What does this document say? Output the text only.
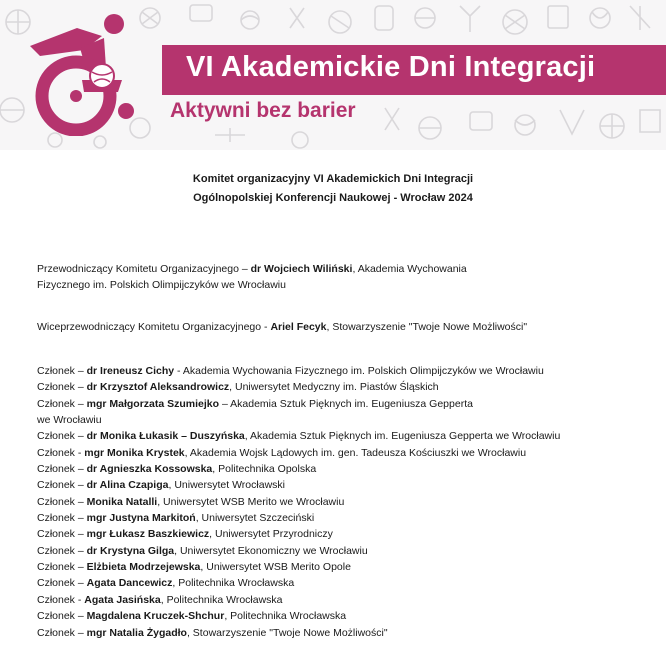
VI Akademickie Dni Integracji
Aktywni bez barier
Komitet organizacyjny VI Akademickich Dni Integracji
Ogólnopolskiej Konferencji Naukowej - Wrocław 2024
Przewodniczący Komitetu Organizacyjnego – dr Wojciech Wiliński, Akademia Wychowania
Fizycznego im. Polskich Olimpijczyków we Wrocławiu
Wiceprzewodniczący Komitetu Organizacyjnego - Ariel Fecyk, Stowarzyszenie "Twoje Nowe Możliwości"
Członek – dr Ireneusz Cichy - Akademia Wychowania Fizycznego im. Polskich Olimpijczyków we Wrocławiu
Członek – dr Krzysztof Aleksandrowicz, Uniwersytet Medyczny im. Piastów Śląskich
Członek – mgr Małgorzata Szumiejko – Akademia Sztuk Pięknych im. Eugeniusza Gepperta
we Wrocławiu
Członek – dr Monika Łukasik – Duszyńska, Akademia Sztuk Pięknych im. Eugeniusza Gepperta we Wrocławiu
Członek - mgr Monika Krystek, Akademia Wojsk Lądowych im. gen. Tadeusza Kościuszki we Wrocławiu
Członek – dr Agnieszka Kossowska, Politechnika Opolska
Członek – dr Alina Czapiga, Uniwersytet Wrocławski
Członek – Monika Natalli, Uniwersytet WSB Merito we Wrocławiu
Członek – mgr Justyna Markitoń, Uniwersytet Szczeciński
Członek – mgr Łukasz Baszkiewicz, Uniwersytet Przyrodniczy
Członek – dr Krystyna Gilga, Uniwersytet Ekonomiczny we Wrocławiu
Członek – Elżbieta Modrzejewska, Uniwersytet WSB Merito Opole
Członek – Agata Dancewicz, Politechnika Wrocławska
Członek - Agata Jasińska, Politechnika Wrocławska
Członek – Magdalena Kruczek-Shchur, Politechnika Wrocławska
Członek – mgr Natalia Żygadło, Stowarzyszenie "Twoje Nowe Możliwości"
